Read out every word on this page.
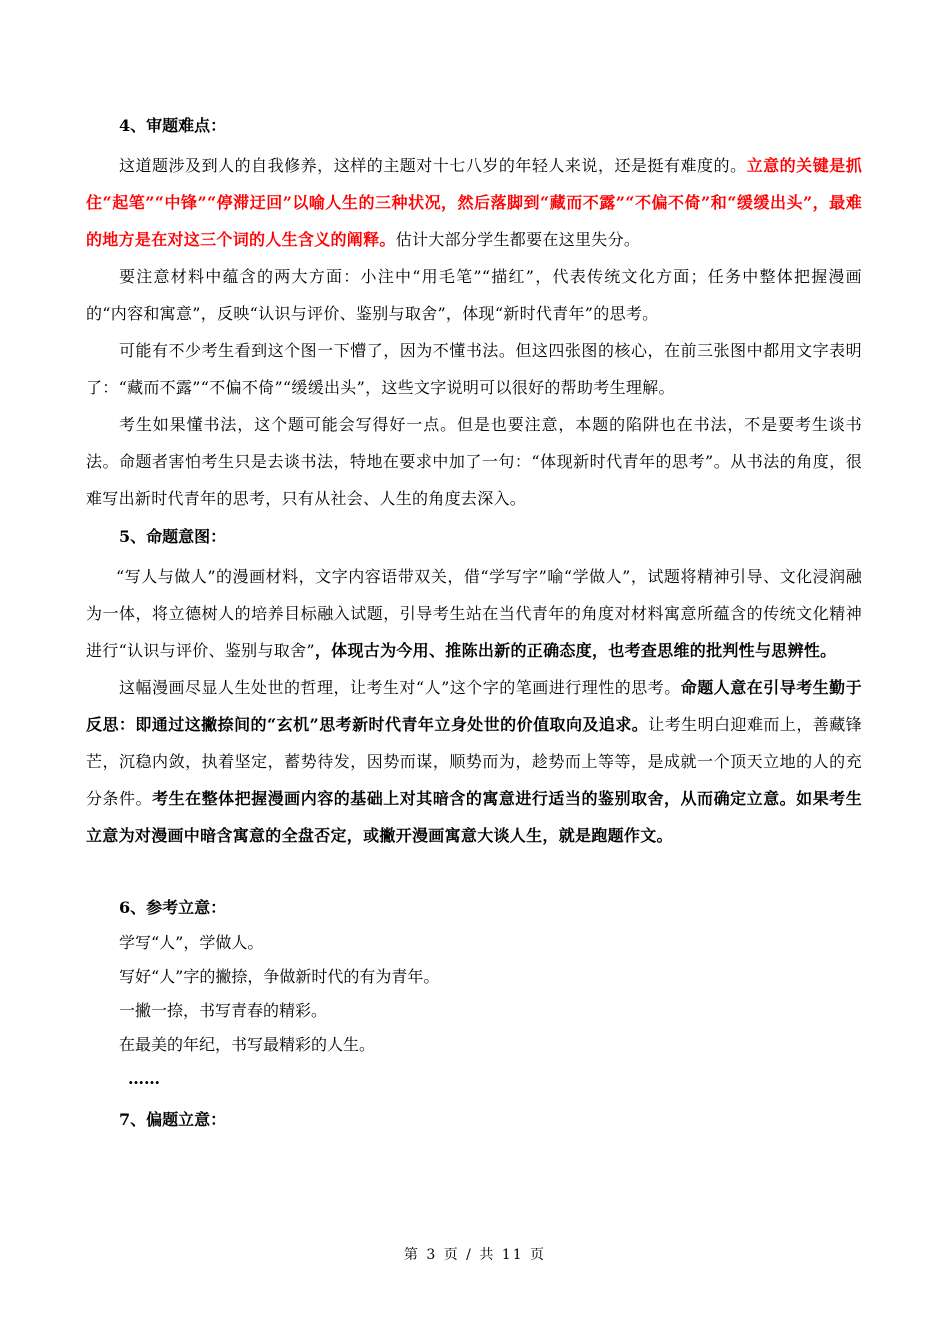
4、审题难点：

这道题涉及到人的自我修养，这样的主题对十七八岁的年轻人来说，还是挺有难度的。立意的关键是抓住“起笔”“中锋”“停滞迂回”以喻人生的三种状况，然后落脚到“藏而不露”“不偏不倚”和“缓缓出头”，最难的地方是在对这三个词的人生含义的阐释。估计大部分学生都要在这里失分。

要注意材料中蕴含的两大方面：小注中“用毛笔”“描红”，代表传统文化方面；任务中整体把握漫画的“内容和寓意”，反映“认识与评价、鉴别与取舍”，体现“新时代青年”的思考。

可能有不少考生看到这个图一下懵了，因为不懂书法。但这四张图的核心，在前三张图中都用文字表明了：“藏而不露”“不偏不倚”“缓缓出头”，这些文字说明可以很好的帮助考生理解。

考生如果懂书法，这个题可能会写得好一点。但是也要注意，本题的陷阱也在书法，不是要考生谈书法。命题者害怕考生只是去谈书法，特地在要求中加了一句：“体现新时代青年的思考”。从书法的角度，很难写出新时代青年的思考，只有从社会、人生的角度去深入。

5、命题意图：

“写人与做人”的漫画材料，文字内容语带双关，借“学写字”喻“学做人”，试题将精神引导、文化浸润融为一体，将立德树人的培养目标融入试题，引导考生站在当代青年的角度对材料寓意所蕴含的传统文化精神进行“认识与评价、鉴别与取舍”，体现古为今用、推陈出新的正确态度，也考查思维的批判性与思辨性。

这幅漫画尽显人生处世的哲理，让考生对“人”这个字的笔画进行理性的思考。命题人意在引导考生勤于反思：即通过这撇捺间的“玄机”思考新时代青年立身处世的价值取向及追求。让考生明白迎难而上，善藏锋芒，沉稳内敛，执着坚定，蓄势待发，因势而谋，顺势而为，趁势而上等等，是成就一个顶天立地的人的充分条件。考生在整体把握漫画内容的基础上对其暗含的寓意进行适当的鉴别取舍，从而确定立意。如果考生立意为对漫画中暗含寓意的全盘否定，或撇开漫画寓意大谈人生，就是跑题作文。

6、参考立意：

学写“人”，学做人。

写好“人”字的撇捺，争做新时代的有为青年。

一撇一捺，书写青春的精彩。

在最美的年纪，书写最精彩的人生。

……

7、偏题立意：
第 3 页 / 共 11 页
